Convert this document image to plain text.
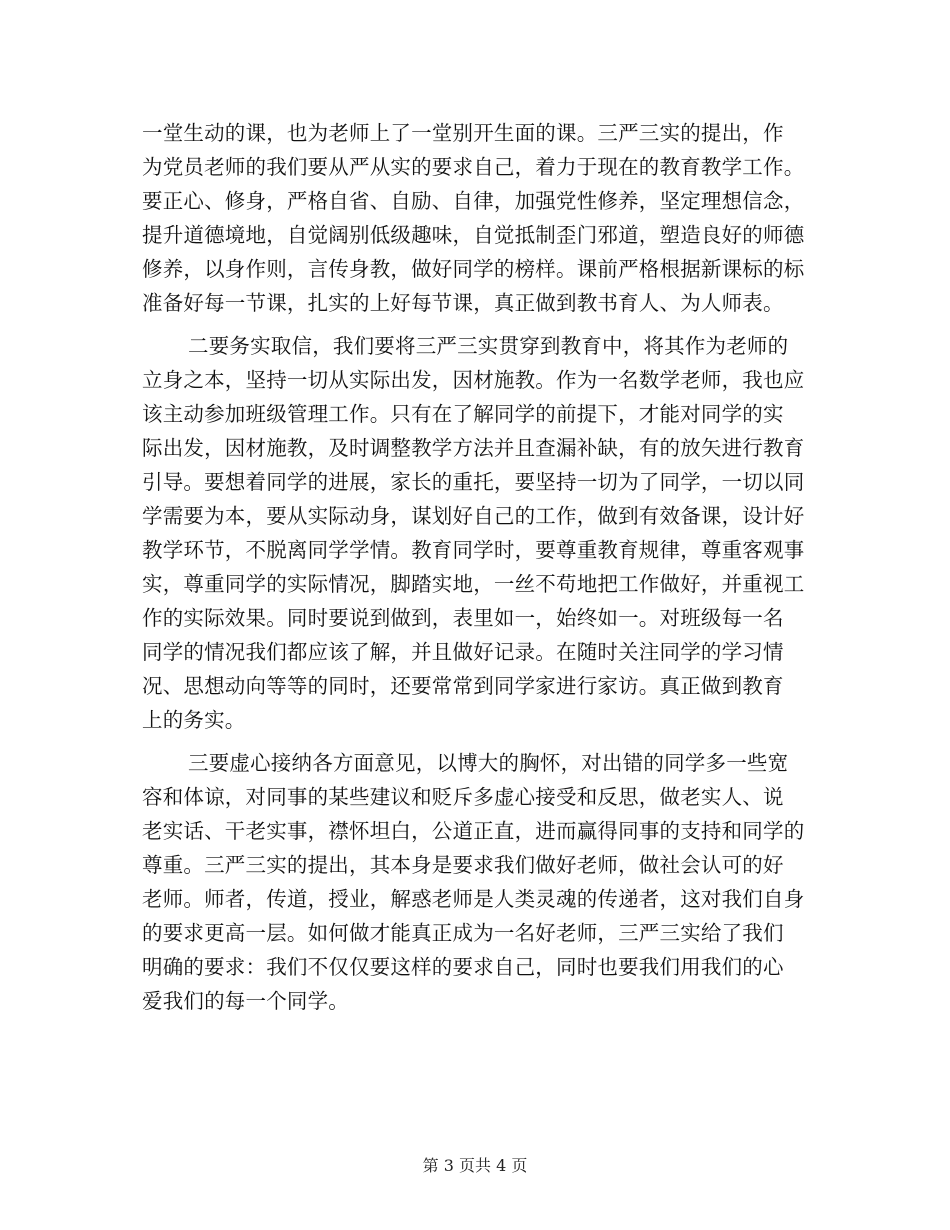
一堂生动的课，也为老师上了一堂别开生面的课。三严三实的提出，作
为党员老师的我们要从严从实的要求自己，着力于现在的教育教学工作。
要正心、修身，严格自省、自励、自律，加强党性修养，坚定理想信念，
提升道德境地，自觉阔别低级趣味，自觉抵制歪门邪道，塑造良好的师德
修养，以身作则，言传身教，做好同学的榜样。课前严格根据新课标的标
准备好每一节课，扎实的上好每节课，真正做到教书育人、为人师表。
二要务实取信，我们要将三严三实贯穿到教育中，将其作为老师的
立身之本，坚持一切从实际出发，因材施教。作为一名数学老师，我也应
该主动参加班级管理工作。只有在了解同学的前提下，才能对同学的实
际出发，因材施教，及时调整教学方法并且查漏补缺，有的放矢进行教育
引导。要想着同学的进展，家长的重托，要坚持一切为了同学，一切以同
学需要为本，要从实际动身，谋划好自己的工作，做到有效备课，设计好
教学环节，不脱离同学学情。教育同学时，要尊重教育规律，尊重客观事
实，尊重同学的实际情况，脚踏实地，一丝不苟地把工作做好，并重视工
作的实际效果。同时要说到做到，表里如一，始终如一。对班级每一名
同学的情况我们都应该了解，并且做好记录。在随时关注同学的学习情
况、思想动向等等的同时，还要常常到同学家进行家访。真正做到教育
上的务实。
三要虚心接纳各方面意见，以博大的胸怀，对出错的同学多一些宽
容和体谅，对同事的某些建议和贬斥多虚心接受和反思，做老实人、说
老实话、干老实事，襟怀坦白，公道正直，进而赢得同事的支持和同学的
尊重。三严三实的提出，其本身是要求我们做好老师，做社会认可的好
老师。师者，传道，授业，解惑老师是人类灵魂的传递者，这对我们自身
的要求更高一层。如何做才能真正成为一名好老师，三严三实给了我们
明确的要求：我们不仅仅要这样的要求自己，同时也要我们用我们的心
爱我们的每一个同学。
第 3 页共 4 页
